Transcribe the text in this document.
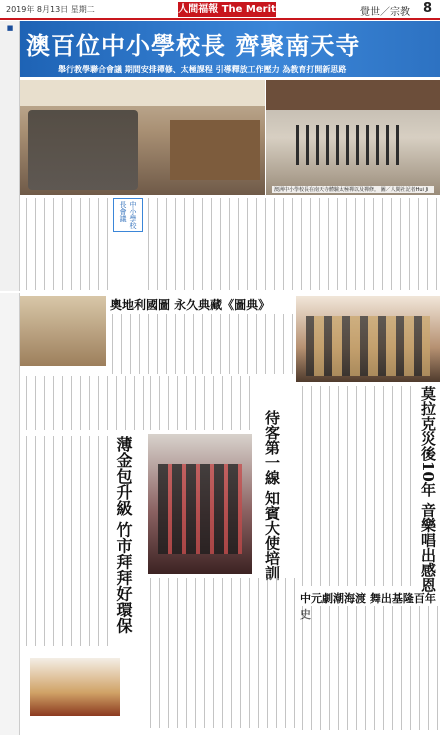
2019年 8月13日 星期二	人間福報 The Merit	覺世／宗教 8
■
澳百位中小學校長 齊聚南天寺
舉行教學聯合會議 期間安排禪修、太極課程 引導釋放工作壓力 為教育打開新思路
澳洲中小學校長在南天寺體驗太極禪以及禪修。 圖／人間社記者Hui Ji
中小學校長會議
奧地利國圖 永久典藏《圖典》
莫拉克災後10年 音樂唱出感恩
待客第一線 知賓大使培訓
薄金包升級 竹市拜拜好環保	中元劇潮海渡 舞出基隆百年史
